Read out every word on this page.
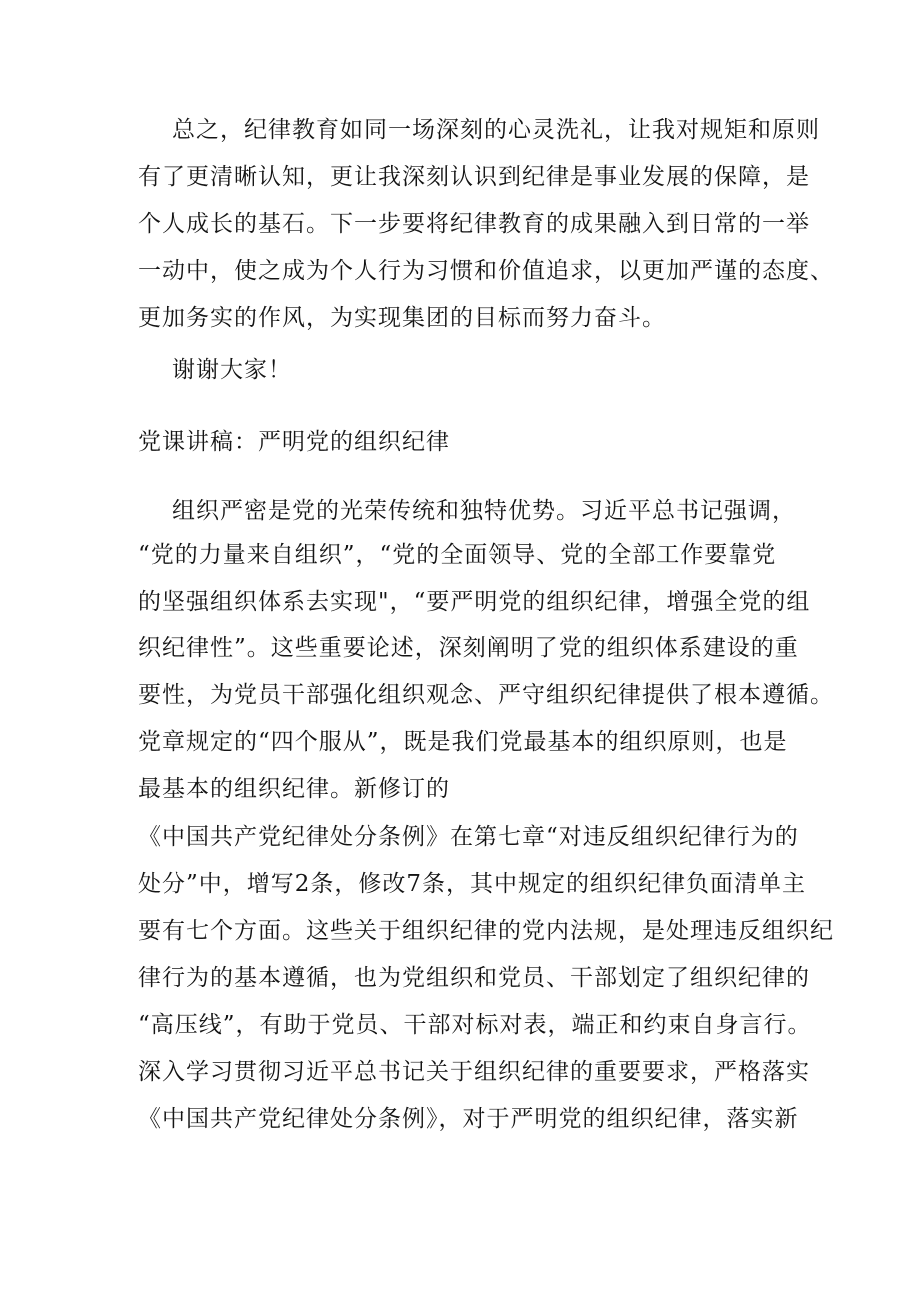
总之，纪律教育如同一场深刻的心灵洗礼，让我对规矩和原则
有了更清晰认知，更让我深刻认识到纪律是事业发展的保障，是
个人成长的基石。下一步要将纪律教育的成果融入到日常的一举
一动中，使之成为个人行为习惯和价值追求，以更加严谨的态度、
更加务实的作风，为实现集团的目标而努力奋斗。
谢谢大家！
党课讲稿：严明党的组织纪律
组织严密是党的光荣传统和独特优势。习近平总书记强调，
“党的力量来自组织”，“党的全面领导、党的全部工作要靠党
的坚强组织体系去实现"，“要严明党的组织纪律，增强全党的组
织纪律性”。这些重要论述，深刻阐明了党的组织体系建设的重
要性，为党员干部强化组织观念、严守组织纪律提供了根本遵循。
党章规定的“四个服从”，既是我们党最基本的组织原则，也是
最基本的组织纪律。新修订的
《中国共产党纪律处分条例》在第七章“对违反组织纪律行为的
处分”中，增写2条，修改7条，其中规定的组织纪律负面清单主
要有七个方面。这些关于组织纪律的党内法规，是处理违反组织纪
律行为的基本遵循，也为党组织和党员、干部划定了组织纪律的
“高压线”，有助于党员、干部对标对表，端正和约束自身言行。
深入学习贯彻习近平总书记关于组织纪律的重要要求，严格落实
《中国共产党纪律处分条例》，对于严明党的组织纪律，落实新
